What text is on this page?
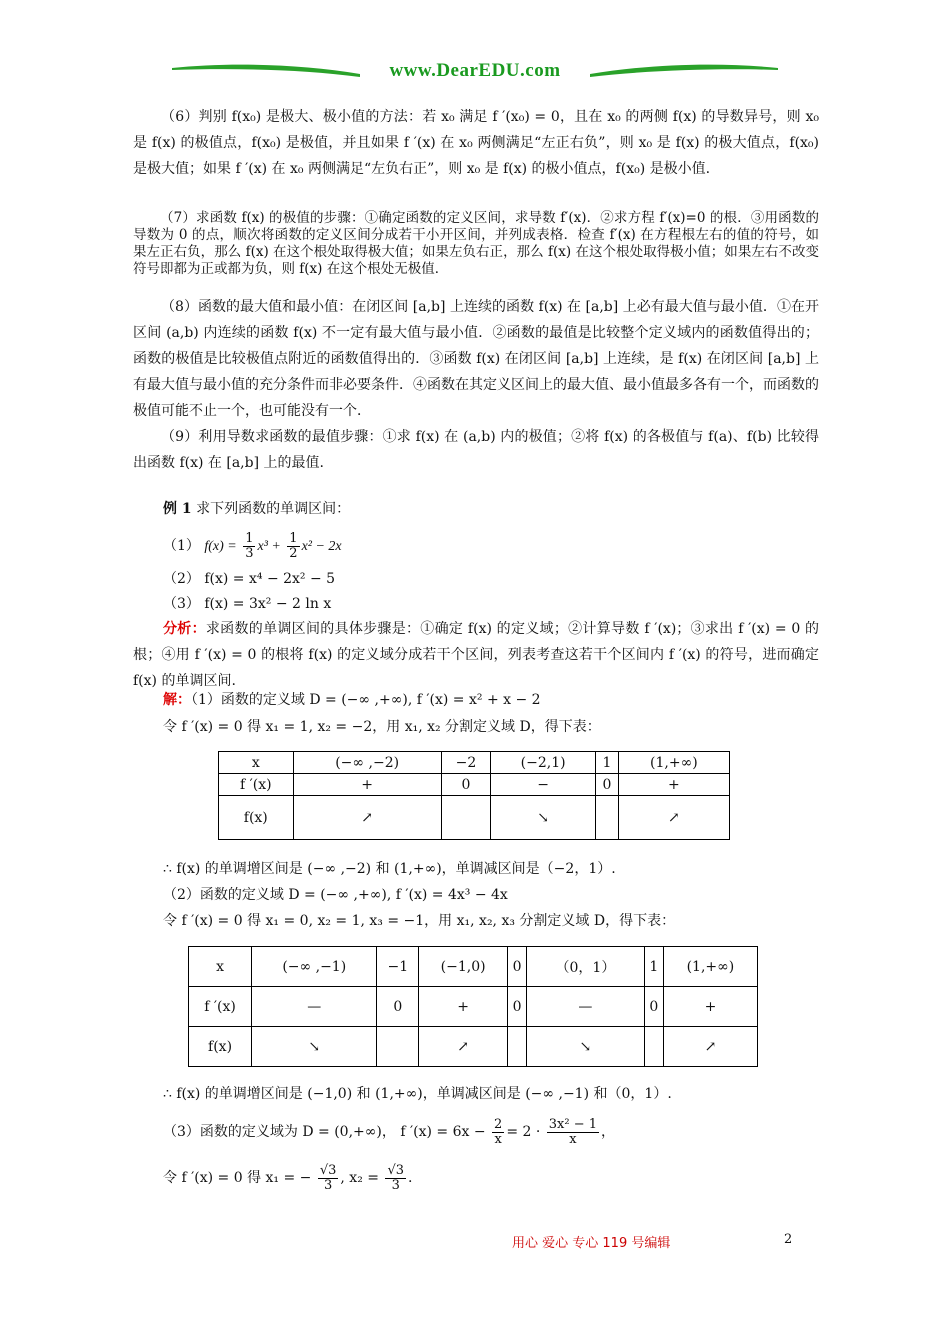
www.DearEDU.com
（6）判别 f(x₀) 是极大、极小值的方法：若 x₀ 满足 f ′(x₀) = 0，且在 x₀ 的两侧 f(x) 的导数异号，则 x₀ 是 f(x) 的极值点，f(x₀) 是极值，并且如果 f ′(x) 在 x₀ 两侧满足“左正右负”，则 x₀ 是 f(x) 的极大值点，f(x₀) 是极大值；如果 f ′(x) 在 x₀ 两侧满足“左负右正”，则 x₀ 是 f(x) 的极小值点，f(x₀) 是极小值.
（7）求函数 f(x) 的极值的步骤：①确定函数的定义区间，求导数 f′(x)．②求方程 f′(x)=0 的根．③用函数的导数为 0 的点，顺次将函数的定义区间分成若干小开区间，并列成表格．检查 f′(x) 在方程根左右的值的符号，如果左正右负，那么 f(x) 在这个根处取得极大值；如果左负右正，那么 f(x) 在这个根处取得极小值；如果左右不改变符号即都为正或都为负，则 f(x) 在这个根处无极值．
（8）函数的最大值和最小值：在闭区间 [a,b] 上连续的函数 f(x) 在 [a,b] 上必有最大值与最小值．①在开区间 (a,b) 内连续的函数 f(x) 不一定有最大值与最小值．②函数的最值是比较整个定义域内的函数值得出的；函数的极值是比较极值点附近的函数值得出的．③函数 f(x) 在闭区间 [a,b] 上连续，是 f(x) 在闭区间 [a,b] 上有最大值与最小值的充分条件而非必要条件．④函数在其定义区间上的最大值、最小值最多各有一个，而函数的极值可能不止一个，也可能没有一个．
（9）利用导数求函数的最值步骤：①求 f(x) 在 (a,b) 内的极值；②将 f(x) 的各极值与 f(a)、f(b) 比较得出函数 f(x) 在 [a,b] 上的最值.
例 1 求下列函数的单调区间：
（1） $f(x) = \frac{1}{3} x^3 + \frac{1}{2} x^2 - 2x$
（2） f(x) = x⁴ − 2x² − 5
（3） f(x) = 3x² − 2 ln x
分析：求函数的单调区间的具体步骤是：①确定 f(x) 的定义域；②计算导数 f ′(x)；③求出 f ′(x) = 0 的根；④用 f ′(x) = 0 的根将 f(x) 的定义域分成若干个区间，列表考查这若干个区间内 f ′(x) 的符号，进而确定 f(x) 的单调区间.
解：（1）函数的定义域 D = (−∞ ,+∞), f ′(x) = x² + x − 2
令 f ′(x) = 0 得 x₁ = 1, x₂ = −2，用 x₁, x₂ 分割定义域 D，得下表：
x	(−∞ ,−2)	−2	(−2,1)	1	(1,+∞)
f ′(x)	+	0	−	0	+
f(x)	↗		↘		↗
∴ f(x) 的单调增区间是 (−∞ ,−2) 和 (1,+∞)，单调减区间是（−2，1）.
（2）函数的定义域 D = (−∞ ,+∞), f ′(x) = 4x³ − 4x
令 f ′(x) = 0 得 x₁ = 0, x₂ = 1, x₃ = −1，用 x₁, x₂, x₃ 分割定义域 D，得下表：
x	(−∞ ,−1)	−1	(−1,0)	0	（0，1）	1	(1,+∞)
f ′(x)	—	0	+	0	—	0	+
f(x)	↘		↗		↘		↗
∴ f(x) 的单调增区间是 (−1,0) 和 (1,+∞)，单调减区间是 (−∞ ,−1) 和（0，1）.
（3）函数的定义域为 D = (0,+∞)， f $'(x) = 6x - \frac{2}{x} = 2 \cdot \frac{\text{3x² − 1}}{x}$ ，
令 f ′(x) = 0 得 x₁ = − $\frac{√3}{3}$ , $x_2 = \frac{√3}{3}$ .
用心 爱心 专心 119 号编辑	2
